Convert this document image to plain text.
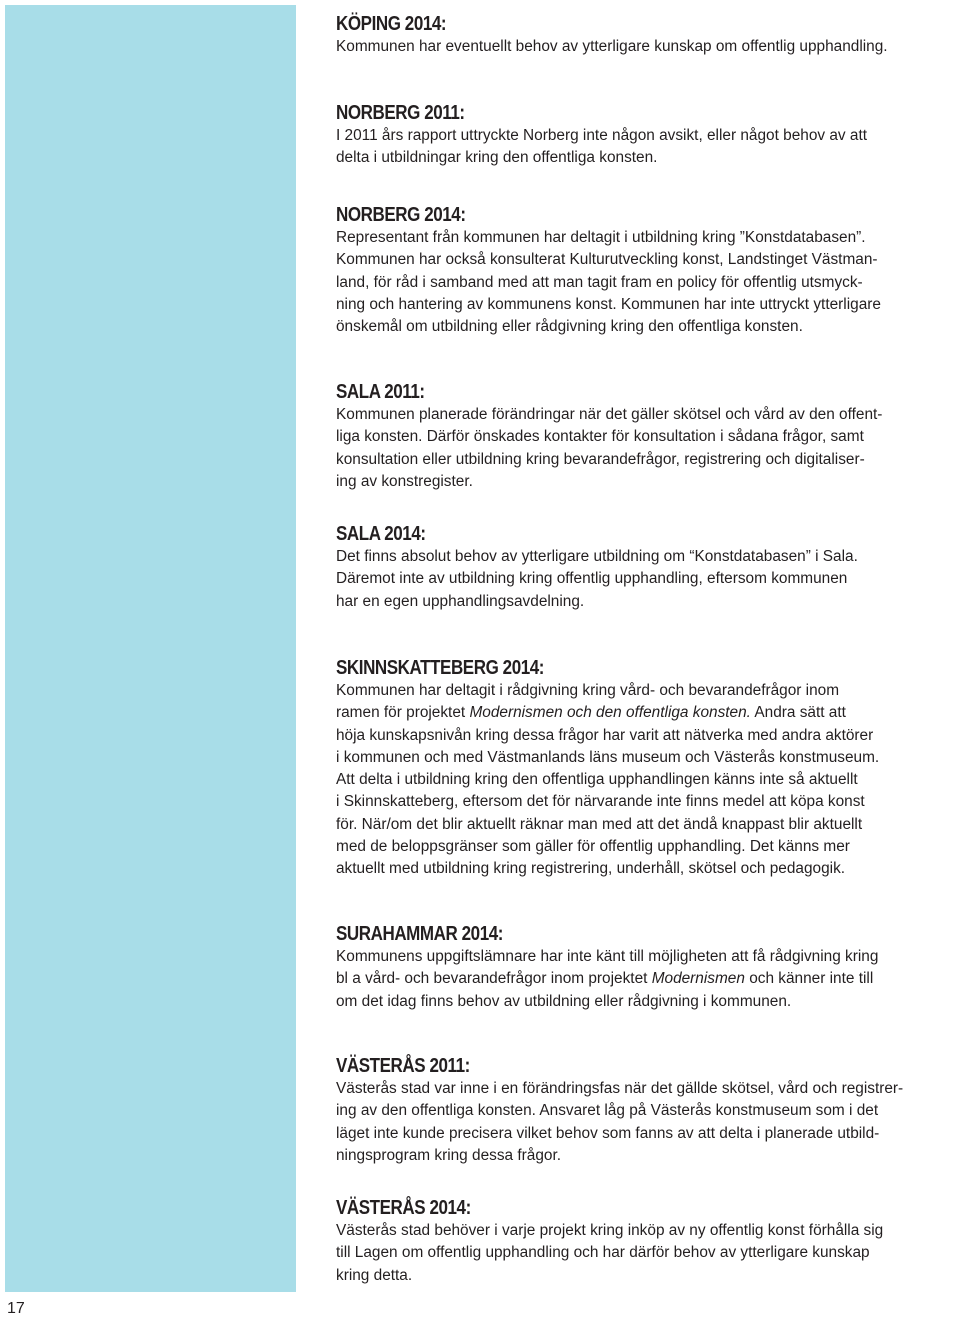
17
KÖPING 2014:

Kommunen har eventuellt behov av ytterligare kunskap om offentlig upphandling.

NORBERG 2011:

I 2011 års rapport uttryckte Norberg inte någon avsikt, eller något behov av att
delta i utbildningar kring den offentliga konsten.

NORBERG 2014:

Representant från kommunen har deltagit i utbildning kring ”Konstdatabasen”.
Kommunen har också konsulterat Kulturutveckling konst, Landstinget Västman-
land, för råd i samband med att man tagit fram en policy för offentlig utsmyck-
ning och hantering av kommunens konst. Kommunen har inte uttryckt ytterligare
önskemål om utbildning eller rådgivning kring den offentliga konsten.

SALA 2011:

Kommunen planerade förändringar när det gäller skötsel och vård av den offent-
liga konsten. Därför önskades kontakter för konsultation i sådana frågor, samt
konsultation eller utbildning kring bevarandefrågor, registrering och digitaliser-
ing av konstregister.

SALA 2014:

Det finns absolut behov av ytterligare utbildning om “Konstdatabasen” i Sala.
Däremot inte av utbildning kring offentlig upphandling, eftersom kommunen
har en egen upphandlingsavdelning.

SKINNSKATTEBERG 2014:

Kommunen har deltagit i rådgivning kring vård- och bevarandefrågor inom
ramen för projektet Modernismen och den offentliga konsten. Andra sätt att
höja kunskapsnivån kring dessa frågor har varit att nätverka med andra aktörer
i kommunen och med Västmanlands läns museum och Västerås konstmuseum.
Att delta i utbildning kring den offentliga upphandlingen känns inte så aktuellt
i Skinnskatteberg, eftersom det för närvarande inte finns medel att köpa konst
för. När/om det blir aktuellt räknar man med att det ändå knappast blir aktuellt
med de beloppsgränser som gäller för offentlig upphandling. Det känns mer
aktuellt med utbildning kring registrering, underhåll, skötsel och pedagogik.

SURAHAMMAR 2014:

Kommunens uppgiftslämnare har inte känt till möjligheten att få rådgivning kring
bl a vård- och bevarandefrågor inom projektet Modernismen och känner inte till
om det idag finns behov av utbildning eller rådgivning i kommunen.

VÄSTERÅS 2011:

Västerås stad var inne i en förändringsfas när det gällde skötsel, vård och registrer-
ing av den offentliga konsten. Ansvaret låg på Västerås konstmuseum som i det
läget inte kunde precisera vilket behov som fanns av att delta i planerade utbild-
ningsprogram kring dessa frågor.

VÄSTERÅS 2014:

Västerås stad behöver i varje projekt kring inköp av ny offentlig konst förhålla sig
till Lagen om offentlig upphandling och har därför behov av ytterligare kunskap
kring detta.
